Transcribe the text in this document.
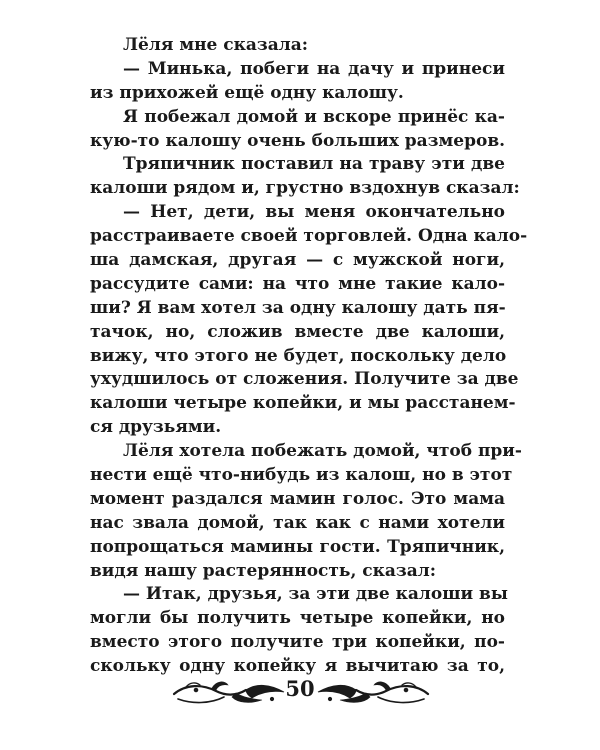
Лёля мне сказала:
— Минька, побеги на дачу и принеси
из прихожей ещё одну калошу.
Я побежал домой и вскоре принёс ка-
кую-то калошу очень больших размеров.
Тряпичник поставил на траву эти две
калоши рядом и, грустно вздохнув сказал:
— Нет, дети, вы меня окончательно
расстраиваете своей торговлей. Одна кало-
ша дамская, другая — с мужской ноги,
рассудите сами: на что мне такие кало-
ши? Я вам хотел за одну калошу дать пя-
тачок, но, сложив вместе две калоши,
вижу, что этого не будет, поскольку дело
ухудшилось от сложения. Получите за две
калоши четыре копейки, и мы расстанем-
ся друзьями.
Лёля хотела побежать домой, чтоб при-
нести ещё что-нибудь из калош, но в этот
момент раздался мамин голос. Это мама
нас звала домой, так как с нами хотели
попрощаться мамины гости. Тряпичник,
видя нашу растерянность, сказал:
— Итак, друзья, за эти две калоши вы
могли бы получить четыре копейки, но
вместо этого получите три копейки, по-
скольку одну копейку я вычитаю за то,
50
